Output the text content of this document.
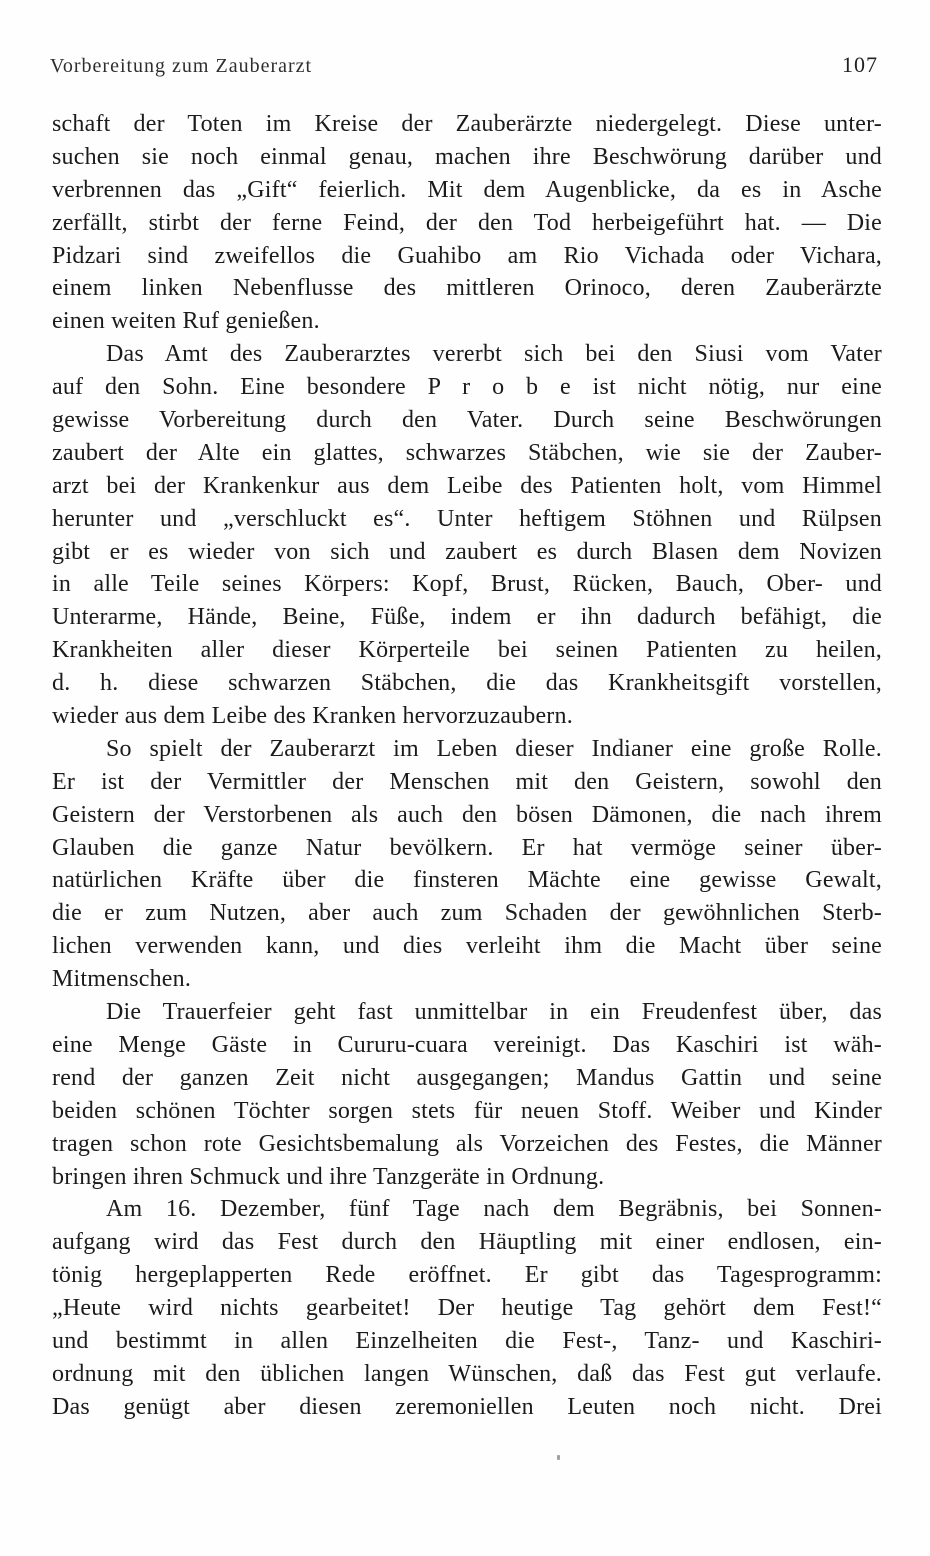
Vorbereitung zum Zauberarzt	107
schaft der Toten im Kreise der Zauberärzte niedergelegt. Diese unter-
suchen sie noch einmal genau, machen ihre Beschwörung darüber und
verbrennen das „Gift“ feierlich. Mit dem Augenblicke, da es in Asche
zerfällt, stirbt der ferne Feind, der den Tod herbeigeführt hat. — Die
Pidzari sind zweifellos die Guahibo am Rio Vichada oder Vichara,
einem linken Nebenflusse des mittleren Orinoco, deren Zauberärzte
einen weiten Ruf genießen.
Das Amt des Zauberarztes vererbt sich bei den Siusi vom Vater
auf den Sohn. Eine besondere P r o b e ist nicht nötig, nur eine
gewisse Vorbereitung durch den Vater. Durch seine Beschwörungen
zaubert der Alte ein glattes, schwarzes Stäbchen, wie sie der Zauber-
arzt bei der Krankenkur aus dem Leibe des Patienten holt, vom Himmel
herunter und „verschluckt es“. Unter heftigem Stöhnen und Rülpsen
gibt er es wieder von sich und zaubert es durch Blasen dem Novizen
in alle Teile seines Körpers: Kopf, Brust, Rücken, Bauch, Ober- und
Unterarme, Hände, Beine, Füße, indem er ihn dadurch befähigt, die
Krankheiten aller dieser Körperteile bei seinen Patienten zu heilen,
d. h. diese schwarzen Stäbchen, die das Krankheitsgift vorstellen,
wieder aus dem Leibe des Kranken hervorzuzaubern.
So spielt der Zauberarzt im Leben dieser Indianer eine große Rolle.
Er ist der Vermittler der Menschen mit den Geistern, sowohl den
Geistern der Verstorbenen als auch den bösen Dämonen, die nach ihrem
Glauben die ganze Natur bevölkern. Er hat vermöge seiner über-
natürlichen Kräfte über die finsteren Mächte eine gewisse Gewalt,
die er zum Nutzen, aber auch zum Schaden der gewöhnlichen Sterb-
lichen verwenden kann, und dies verleiht ihm die Macht über seine
Mitmenschen.
Die Trauerfeier geht fast unmittelbar in ein Freudenfest über, das
eine Menge Gäste in Cururu-cuara vereinigt. Das Kaschiri ist wäh-
rend der ganzen Zeit nicht ausgegangen; Mandus Gattin und seine
beiden schönen Töchter sorgen stets für neuen Stoff. Weiber und Kinder
tragen schon rote Gesichtsbemalung als Vorzeichen des Festes, die Männer
bringen ihren Schmuck und ihre Tanzgeräte in Ordnung.
Am 16. Dezember, fünf Tage nach dem Begräbnis, bei Sonnen-
aufgang wird das Fest durch den Häuptling mit einer endlosen, ein-
tönig hergeplapperten Rede eröffnet. Er gibt das Tagesprogramm:
„Heute wird nichts gearbeitet! Der heutige Tag gehört dem Fest!“
und bestimmt in allen Einzelheiten die Fest-, Tanz- und Kaschiri-
ordnung mit den üblichen langen Wünschen, daß das Fest gut verlaufe.
Das genügt aber diesen zeremoniellen Leuten noch nicht. Drei
